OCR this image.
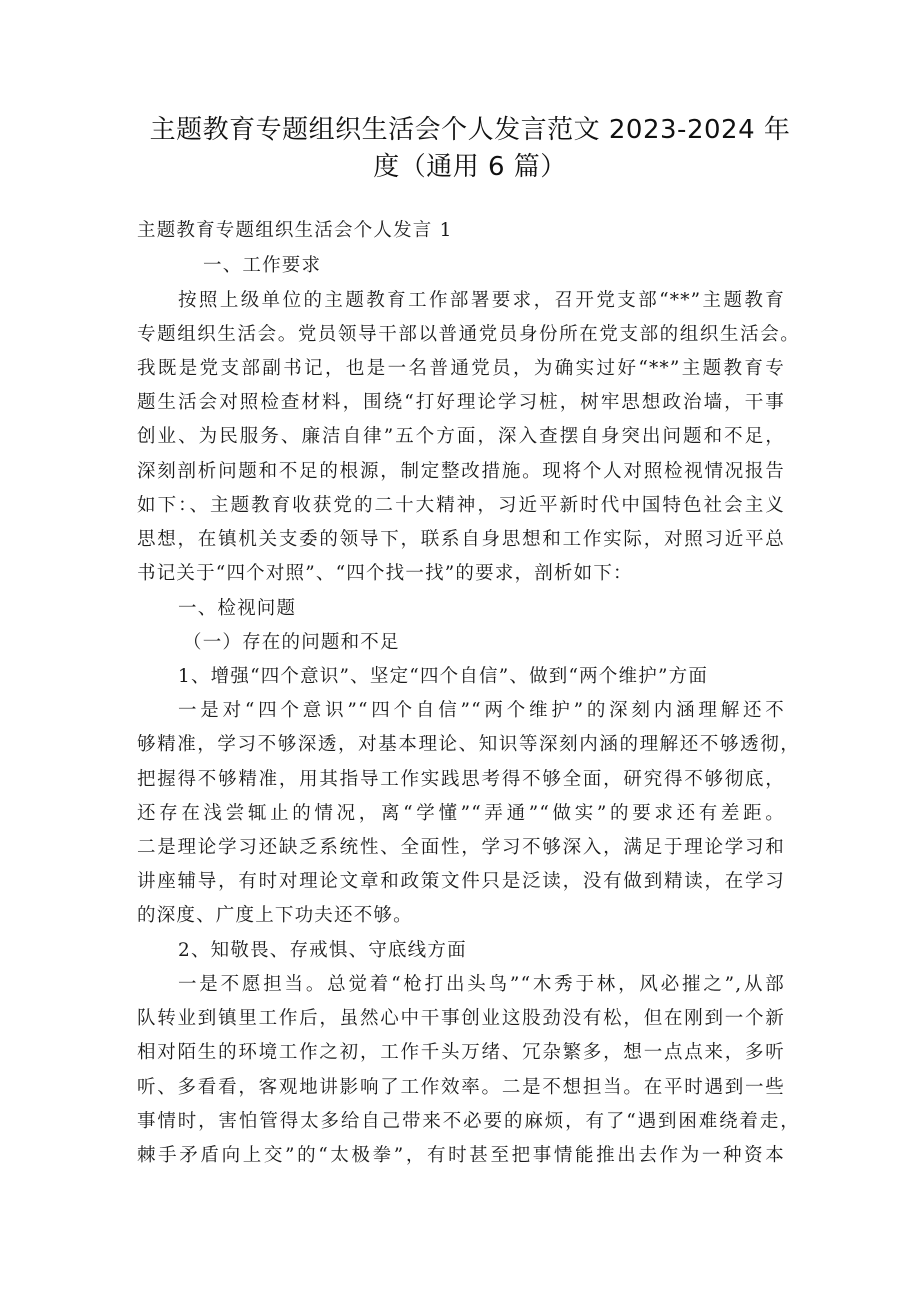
主题教育专题组织生活会个人发言范文 2023-2024 年
度（通用 6 篇）
主题教育专题组织生活会个人发言 1
一、工作要求
按照上级单位的主题教育工作部署要求，召开党支部“**”主题教育
专题组织生活会。党员领导干部以普通党员身份所在党支部的组织生活会。
我既是党支部副书记，也是一名普通党员，为确实过好“**”主题教育专
题生活会对照检查材料，围绕“打好理论学习桩，树牢思想政治墙，干事
创业、为民服务、廉洁自律”五个方面，深入查摆自身突出问题和不足，
深刻剖析问题和不足的根源，制定整改措施。现将个人对照检视情况报告
如下：、主题教育收获党的二十大精神，习近平新时代中国特色社会主义
思想，在镇机关支委的领导下，联系自身思想和工作实际，对照习近平总
书记关于“四个对照”、“四个找一找”的要求，剖析如下：
一、检视问题
（一）存在的问题和不足
1、增强“四个意识”、坚定“四个自信”、做到“两个维护”方面
一是对“四个意识”“四个自信”“两个维护”的深刻内涵理解还不
够精准，学习不够深透，对基本理论、知识等深刻内涵的理解还不够透彻，
把握得不够精准，用其指导工作实践思考得不够全面，研究得不够彻底，
还存在浅尝辄止的情况，离“学懂”“弄通”“做实”的要求还有差距。
二是理论学习还缺乏系统性、全面性，学习不够深入，满足于理论学习和
讲座辅导，有时对理论文章和政策文件只是泛读，没有做到精读，在学习
的深度、广度上下功夫还不够。
2、知敬畏、存戒惧、守底线方面
一是不愿担当。总觉着“枪打出头鸟”“木秀于林，风必摧之”,从部
队转业到镇里工作后，虽然心中干事创业这股劲没有松，但在刚到一个新
相对陌生的环境工作之初，工作千头万绪、冗杂繁多，想一点点来，多听
听、多看看，客观地讲影响了工作效率。二是不想担当。在平时遇到一些
事情时，害怕管得太多给自己带来不必要的麻烦，有了“遇到困难绕着走，
棘手矛盾向上交”的“太极拳”，有时甚至把事情能推出去作为一种资本
